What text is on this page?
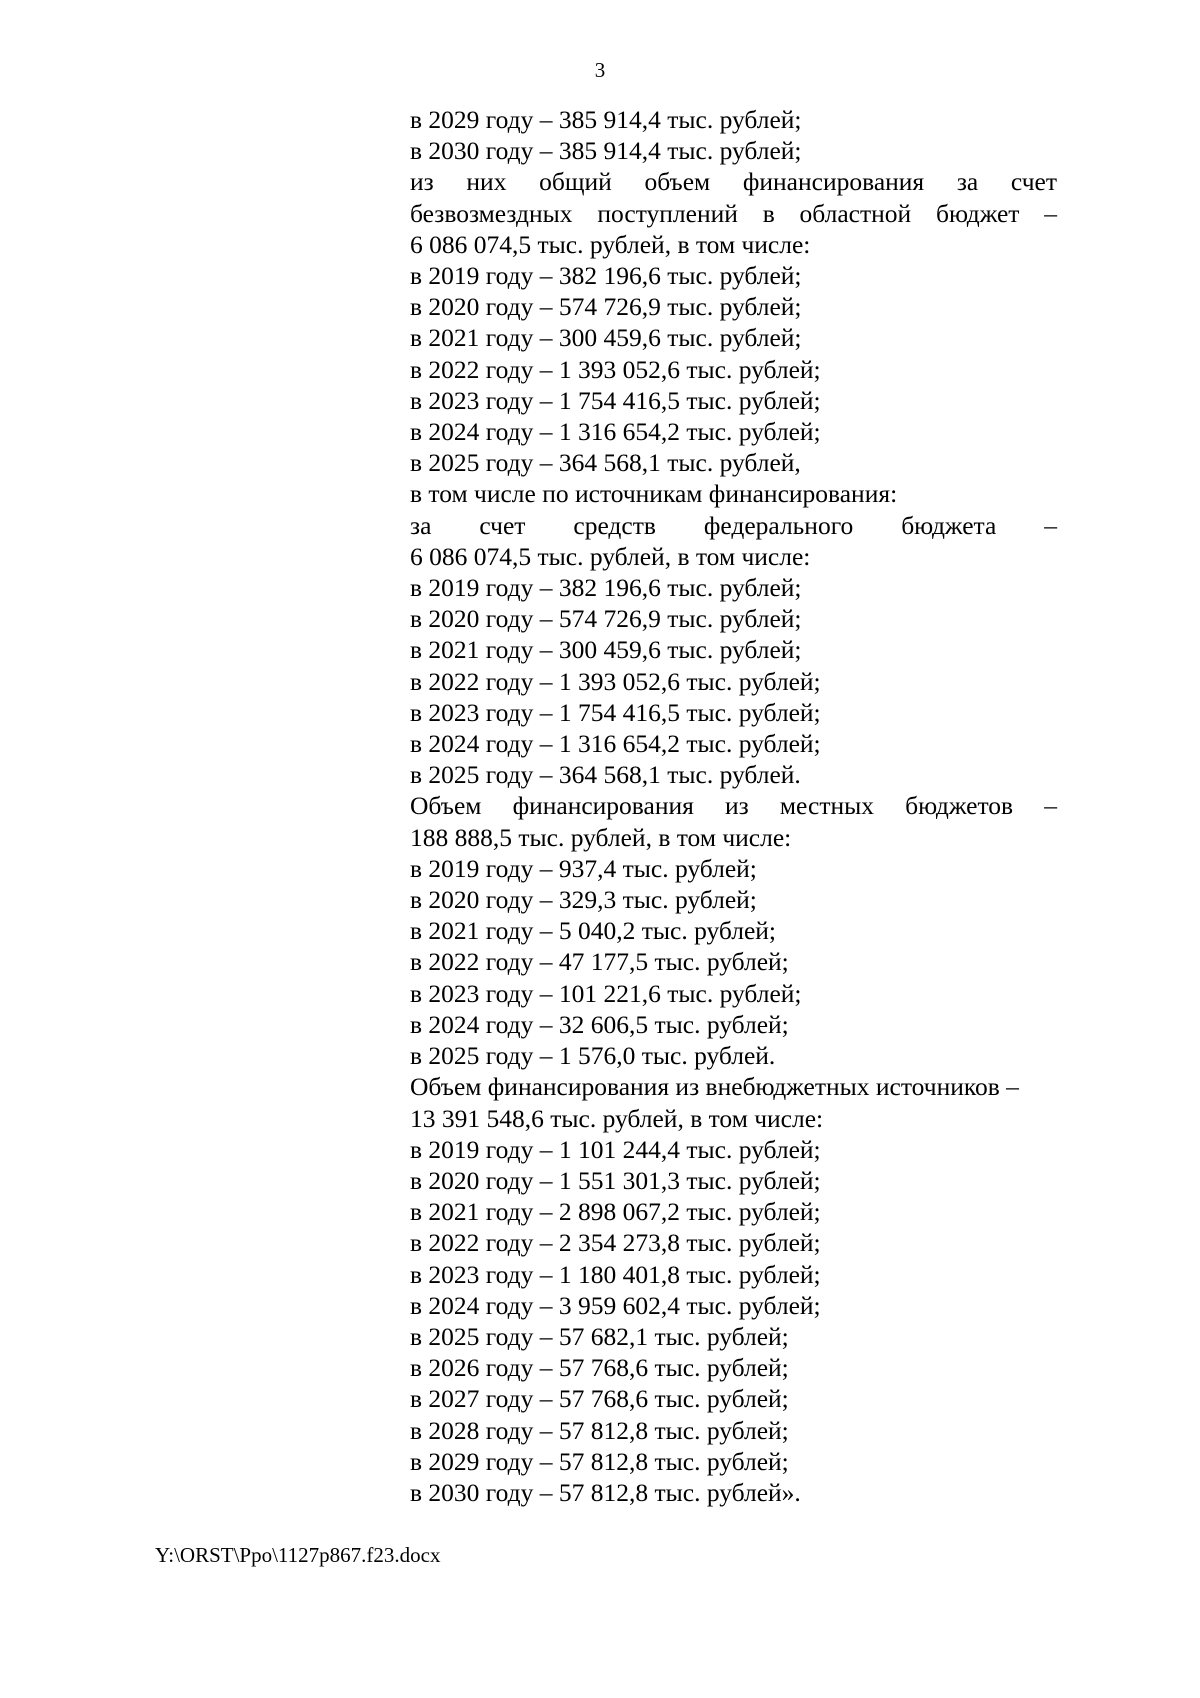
3

в 2029 году – 385 914,4 тыс. рублей;

в 2030 году – 385 914,4 тыс. рублей;

из них общий объем финансирования за счет безвозмездных поступлений в областной бюджет –

6 086 074,5 тыс. рублей, в том числе:

в 2019 году – 382 196,6 тыс. рублей;

в 2020 году – 574 726,9 тыс. рублей;

в 2021 году – 300 459,6 тыс. рублей;

в 2022 году – 1 393 052,6 тыс. рублей;

в 2023 году – 1 754 416,5 тыс. рублей;

в 2024 году – 1 316 654,2 тыс. рублей;

в 2025 году – 364 568,1 тыс. рублей,

в том числе по источникам финансирования:

за счет средств федерального бюджета –

6 086 074,5 тыс. рублей, в том числе:

в 2019 году – 382 196,6 тыс. рублей;

в 2020 году – 574 726,9 тыс. рублей;

в 2021 году – 300 459,6 тыс. рублей;

в 2022 году – 1 393 052,6 тыс. рублей;

в 2023 году – 1 754 416,5 тыс. рублей;

в 2024 году – 1 316 654,2 тыс. рублей;

в 2025 году – 364 568,1 тыс. рублей.

Объем финансирования из местных бюджетов –

188 888,5 тыс. рублей, в том числе:

в 2019 году – 937,4 тыс. рублей;

в 2020 году – 329,3 тыс. рублей;

в 2021 году – 5 040,2 тыс. рублей;

в 2022 году – 47 177,5 тыс. рублей;

в 2023 году – 101 221,6 тыс. рублей;

в 2024 году – 32 606,5 тыс. рублей;

в 2025 году – 1 576,0 тыс. рублей.

Объем финансирования из внебюджетных источников –

13 391 548,6 тыс. рублей, в том числе:

в 2019 году – 1 101 244,4 тыс. рублей;

в 2020 году – 1 551 301,3 тыс. рублей;

в 2021 году – 2 898 067,2 тыс. рублей;

в 2022 году – 2 354 273,8 тыс. рублей;

в 2023 году – 1 180 401,8 тыс. рублей;

в 2024 году – 3 959 602,4 тыс. рублей;

в 2025 году – 57 682,1 тыс. рублей;

в 2026 году – 57 768,6 тыс. рублей;

в 2027 году – 57 768,6 тыс. рублей;

в 2028 году – 57 812,8 тыс. рублей;

в 2029 году – 57 812,8 тыс. рублей;

в 2030 году – 57 812,8 тыс. рублей».

Y:\ORST\Ppo\1127p867.f23.docx
